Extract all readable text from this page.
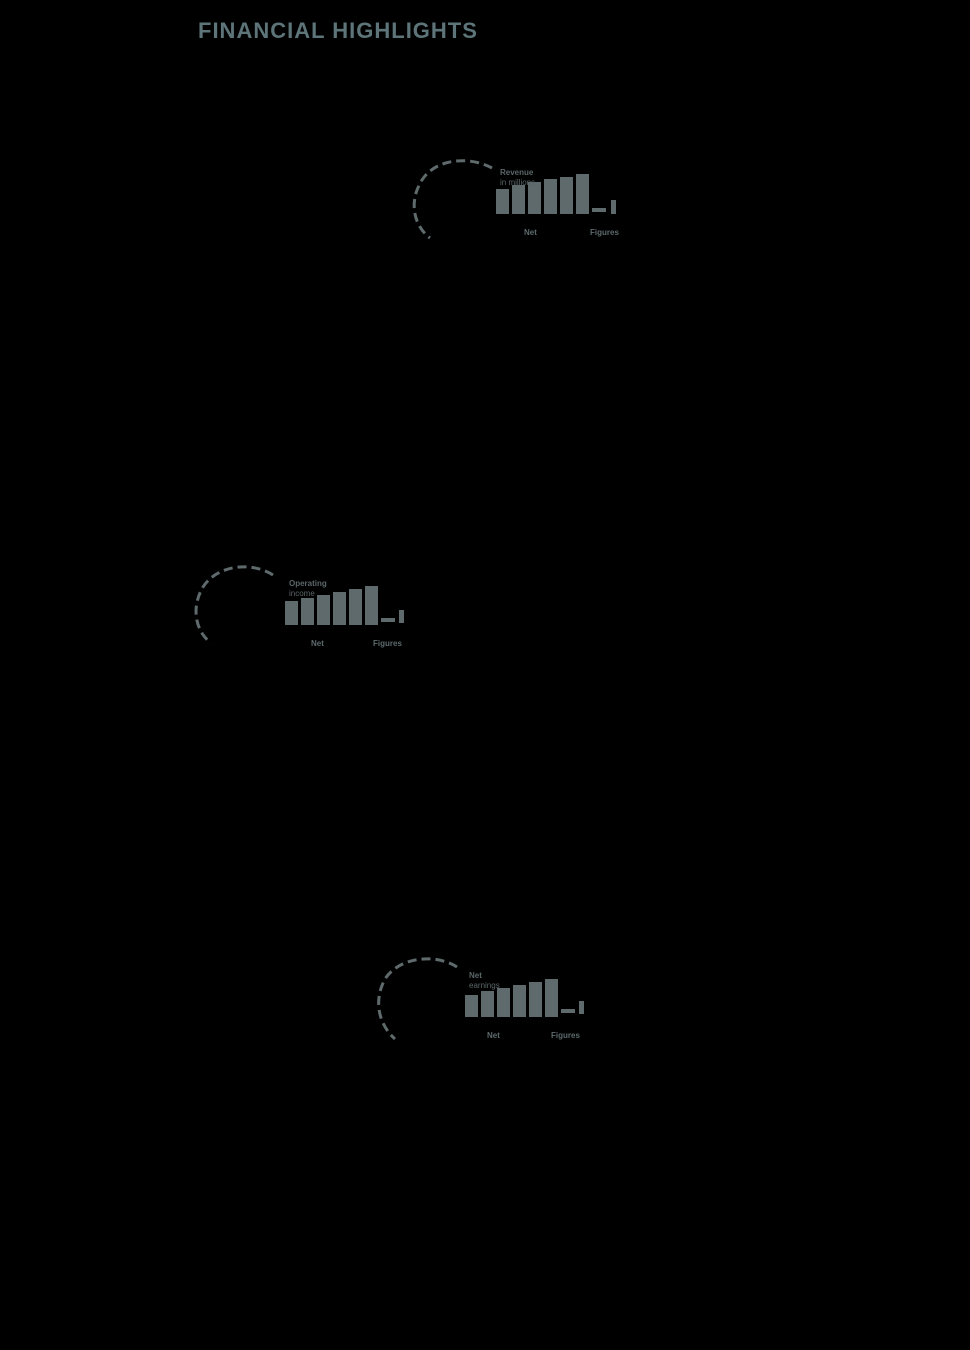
FINANCIAL HIGHLIGHTS
Revenue
in millions
Net	Figures
Operating
income
Net	Figures
Net
earnings
Net	Figures
